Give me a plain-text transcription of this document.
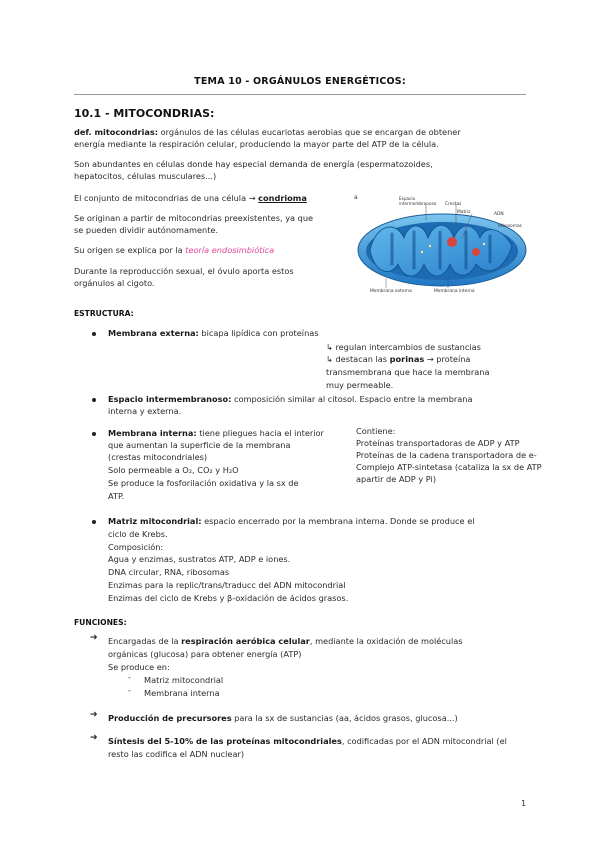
TEMA 10 - ORGÁNULOS ENERGÉTICOS:
10.1 - MITOCONDRIAS:
def. mitocondrias: orgánulos de las células eucariotas aerobias que se encargan de obtener
energía mediante la respiración celular, produciendo la mayor parte del ATP de la célula.
Son abundantes en células donde hay especial demanda de energía (espermatozoides,
hepatocitos, células musculares...)
El conjunto de mitocondrias de una célula → condrioma
Se originan a partir de mitocondrias preexistentes, ya que
se pueden dividir autónomamente.
Su origen se explica por la teoría endosimbiótica
Durante la reproducción sexual, el óvulo aporta estos
orgánulos al cigoto.
a	Espacio intermembranoso Crestas
Matriz	ADN
Ribosomas
Membrana externa	Membrana interna
ESTRUCTURA:
Membrana externa: bicapa lipídica con proteínas
↳ regulan intercambios de sustancias
↳ destacan las porinas → proteína
transmembrana que hace la membrana
muy permeable.
Espacio intermembranoso: composición similar al citosol. Espacio entre la membrana
interna y externa.
Membrana interna: tiene pliegues hacia el interior
que aumentan la superficie de la membrana
(crestas mitocondriales)
Solo permeable a O₂, CO₂ y H₂O
Se produce la fosforilación oxidativa y la sx de
ATP.
Contiene:
Proteínas transportadoras de ADP y ATP
Proteínas de la cadena transportadora de e-
Complejo ATP-sintetasa (cataliza la sx de ATP
apartir de ADP y Pi)
Matriz mitocondrial: espacio encerrado por la membrana interna. Donde se produce el
ciclo de Krebs.
Composición:
Agua y enzimas, sustratos ATP, ADP e iones.
DNA circular, RNA, ribosomas
Enzimas para la replic/trans/traducc del ADN mitocondrial
Enzimas del ciclo de Krebs y β-oxidación de ácidos grasos.
FUNCIONES:
➔ Encargadas de la respiración aeróbica celular, mediante la oxidación de moléculas
orgánicas (glucosa) para obtener energía (ATP)
Se produce en:
- Matriz mitocondrial
- Membrana interna
➔ Producción de precursores para la sx de sustancias (aa, ácidos grasos, glucosa...)
➔ Síntesis del 5-10% de las proteínas mitocondriales, codificadas por el ADN mitocondrial (el
resto las codifica el ADN nuclear)
1
